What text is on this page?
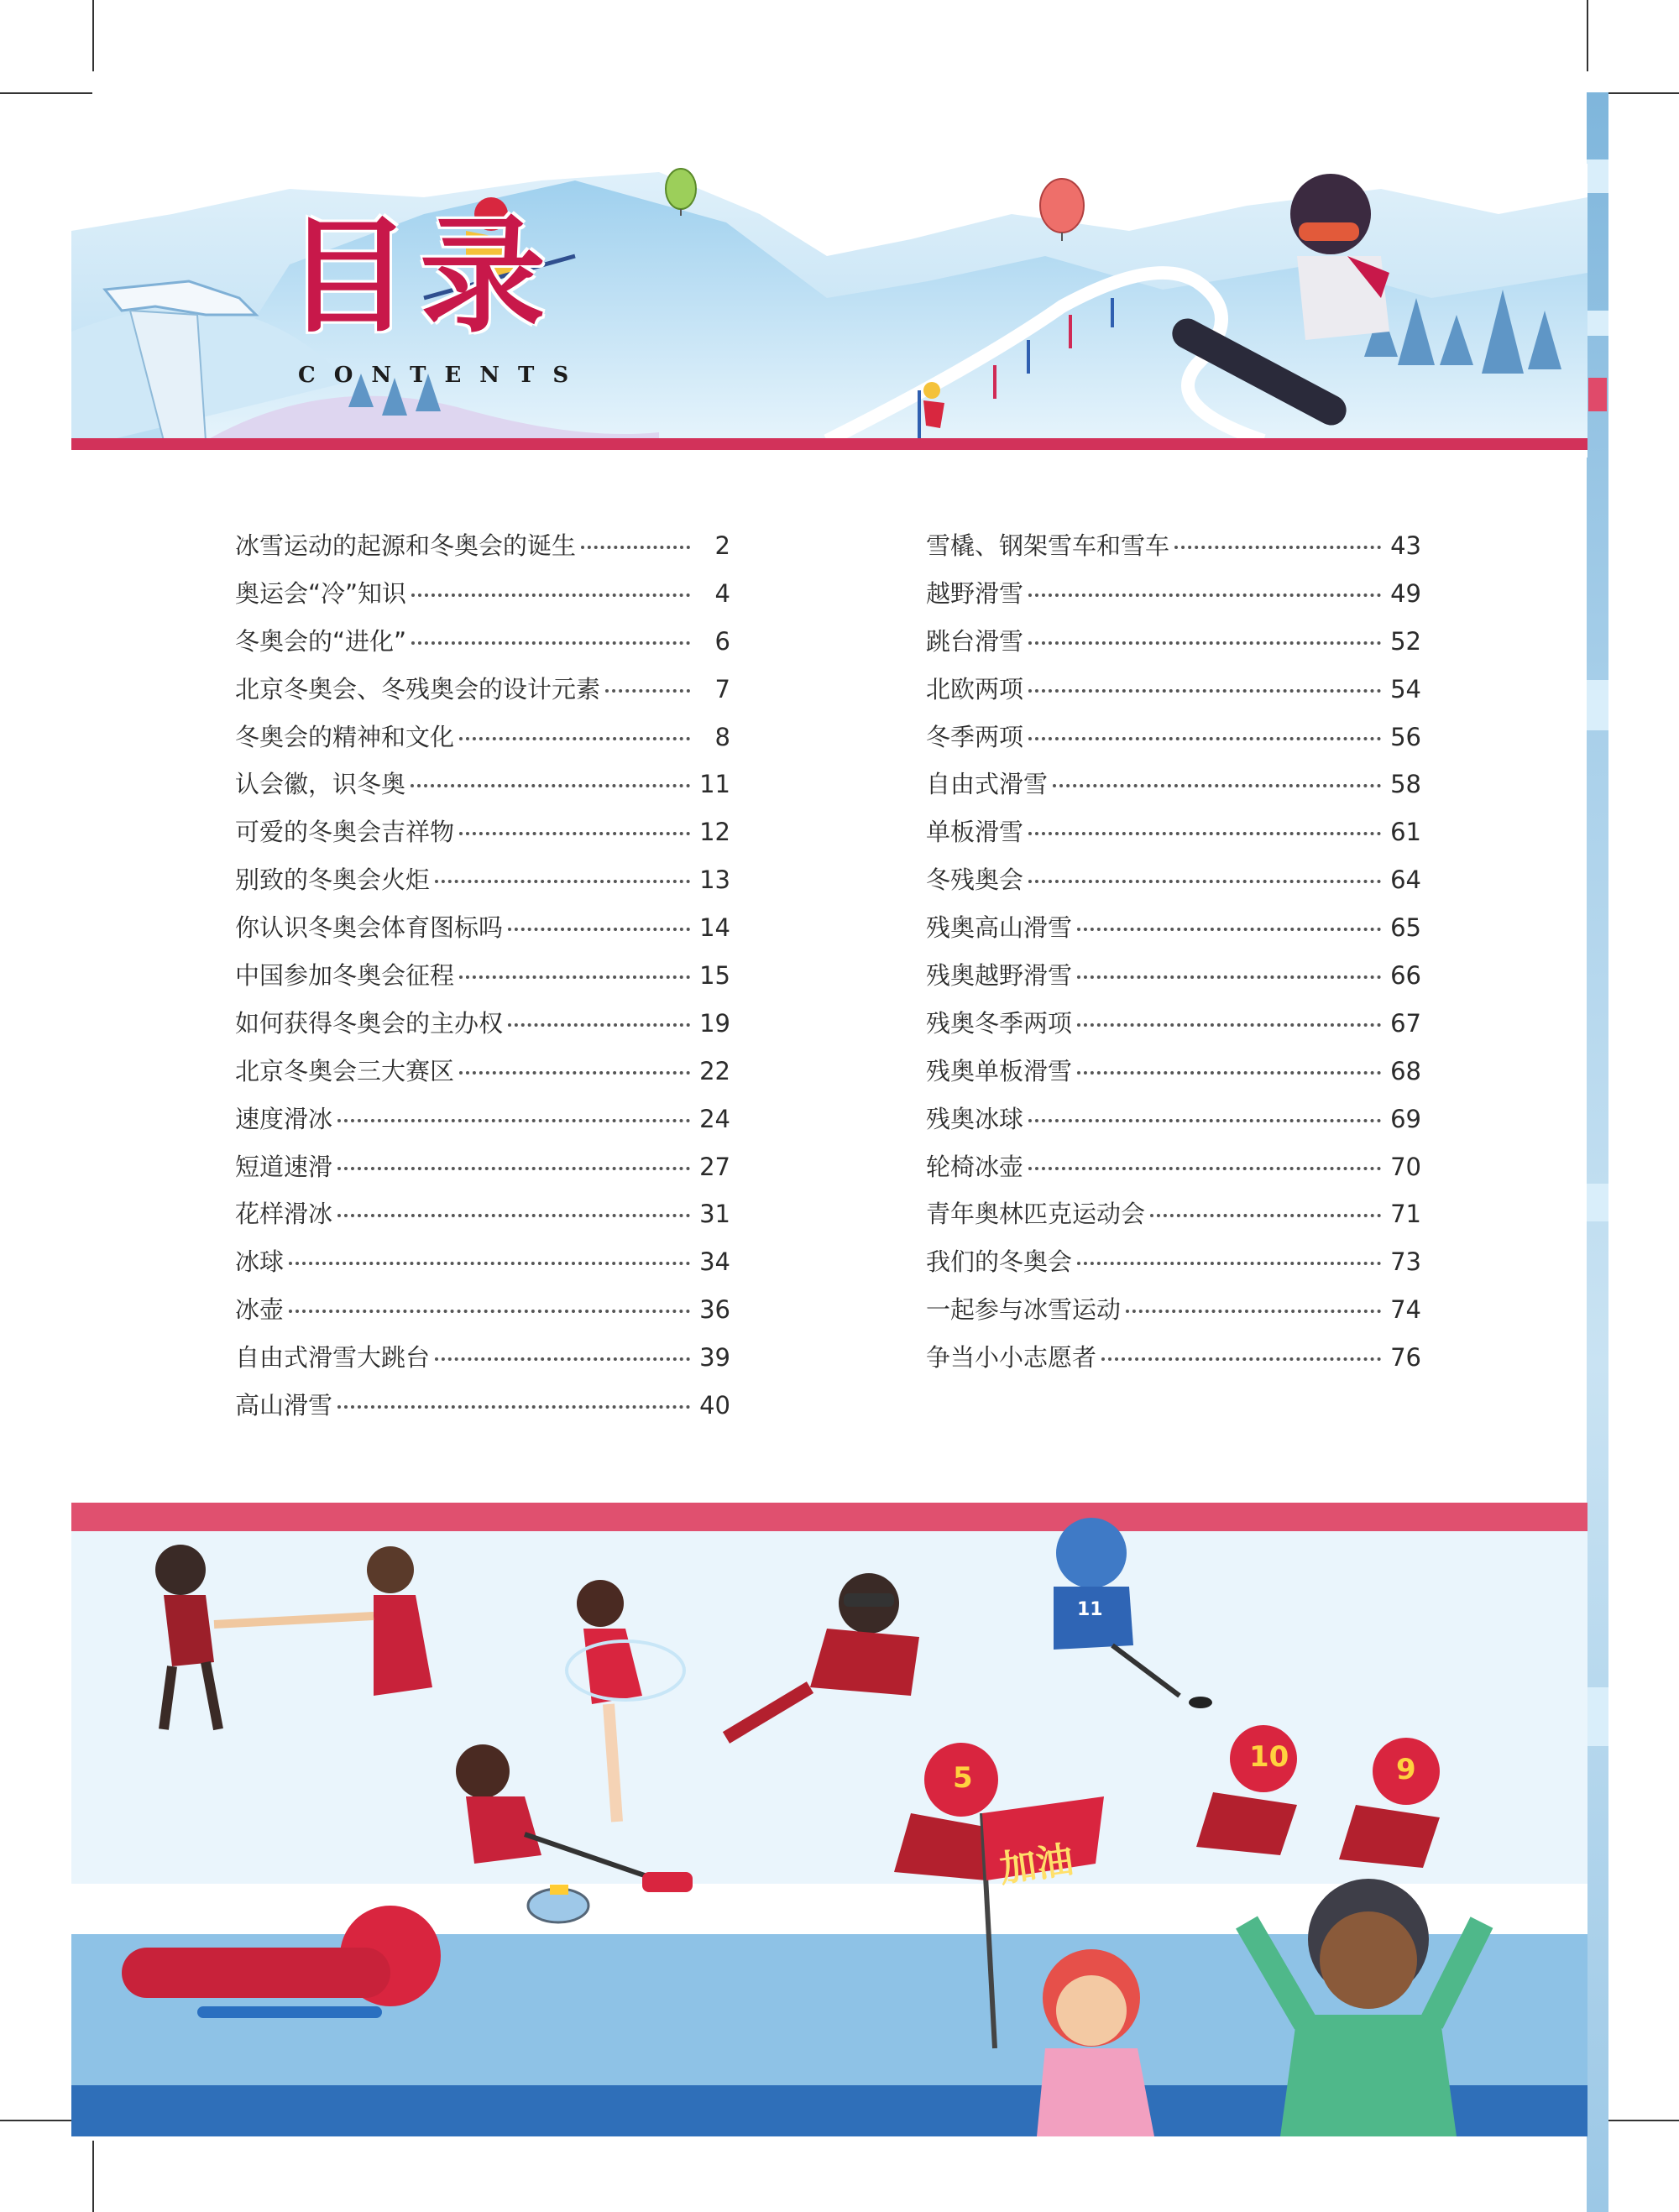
目录
CONTENTS
冰雪运动的起源和冬奥会的诞生	2
奥运会“冷”知识	4
冬奥会的“进化”	6
北京冬奥会、冬残奥会的设计元素	7
冬奥会的精神和文化	8
认会徽，识冬奥	11
可爱的冬奥会吉祥物	12
别致的冬奥会火炬	13
你认识冬奥会体育图标吗	14
中国参加冬奥会征程	15
如何获得冬奥会的主办权	19
北京冬奥会三大赛区	22
速度滑冰	24
短道速滑	27
花样滑冰	31
冰球	34
冰壶	36
自由式滑雪大跳台	39
高山滑雪	40
雪橇、钢架雪车和雪车	43
越野滑雪	49
跳台滑雪	52
北欧两项	54
冬季两项	56
自由式滑雪	58
单板滑雪	61
冬残奥会	64
残奥高山滑雪	65
残奥越野滑雪	66
残奥冬季两项	67
残奥单板滑雪	68
残奥冰球	69
轮椅冰壶	70
青年奥林匹克运动会	71
我们的冬奥会	73
一起参与冰雪运动	74
争当小小志愿者	76
加油
5
10	9
11
